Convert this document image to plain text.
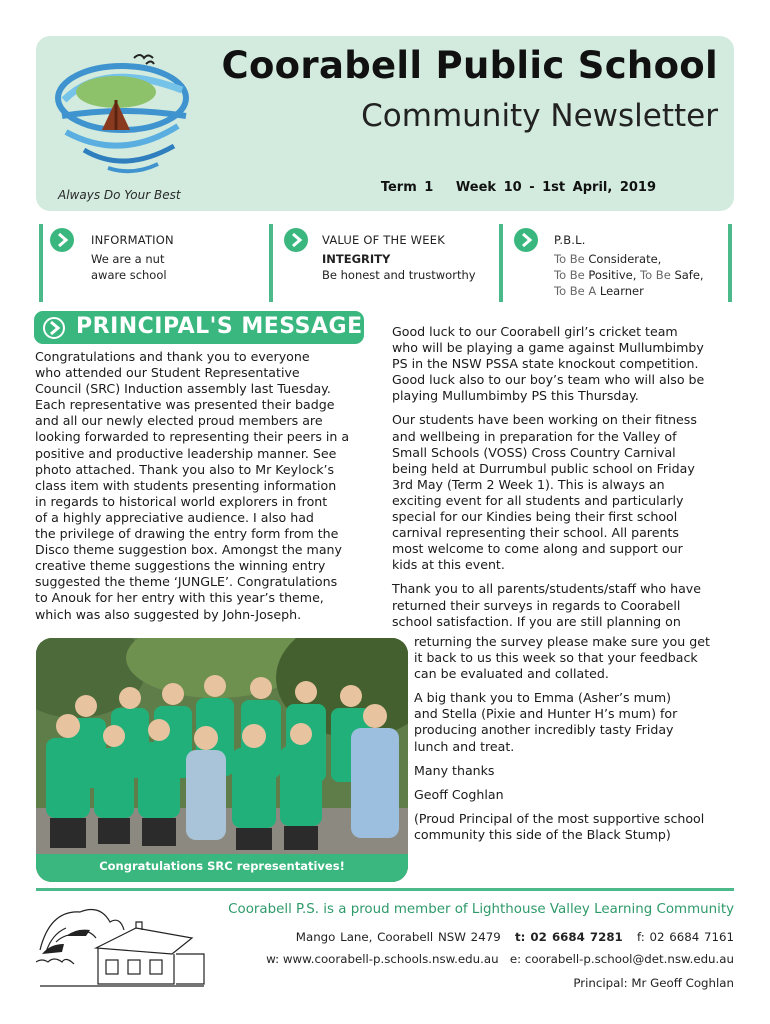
Always Do Your Best
Coorabell Public School
Community Newsletter
Term 1 Week 10 - 1st April, 2019
INFORMATION
We are a nut
aware school
VALUE OF THE WEEK
INTEGRITY
Be honest and trustworthy
P.B.L.
To Be Considerate,
To Be Positive, To Be Safe,
To Be A Learner
PRINCIPAL'S MESSAGE
Congratulations and thank you to everyone
who attended our Student Representative
Council (SRC) Induction assembly last Tuesday.
Each representative was presented their badge
and all our newly elected proud members are
looking forwarded to representing their peers in a
positive and productive leadership manner. See
photo attached. Thank you also to Mr Keylock’s
class item with students presenting information
in regards to historical world explorers in front
of a highly appreciative audience. I also had
the privilege of drawing the entry form from the
Disco theme suggestion box. Amongst the many
creative theme suggestions the winning entry
suggested the theme ‘JUNGLE’. Congratulations
to Anouk for her entry with this year’s theme,
which was also suggested by John-Joseph.

Good luck to our Coorabell girl’s cricket team
who will be playing a game against Mullumbimby
PS in the NSW PSSA state knockout competition.
Good luck also to our boy’s team who will also be
playing Mullumbimby PS this Thursday.

Our students have been working on their fitness
and wellbeing in preparation for the Valley of
Small Schools (VOSS) Cross Country Carnival
being held at Durrumbul public school on Friday
3rd May (Term 2 Week 1). This is always an
exciting event for all students and particularly
special for our Kindies being their first school
carnival representing their school. All parents
most welcome to come along and support our
kids at this event.

Thank you to all parents/students/staff who have
returned their surveys in regards to Coorabell
school satisfaction. If you are still planning on

returning the survey please make sure you get
it back to us this week so that your feedback
can be evaluated and collated.

A big thank you to Emma (Asher’s mum)
and Stella (Pixie and Hunter H’s mum) for
producing another incredibly tasty Friday
lunch and treat.

Many thanks

Geoff Coghlan

(Proud Principal of the most supportive school
community this side of the Black Stump)

Congratulations SRC representatives!
Coorabell P.S. is a proud member of Lighthouse Valley Learning Community
Mango Lane, Coorabell NSW 2479 t: 02 6684 7281 f: 02 6684 7161
w: www.coorabell-p.schools.nsw.edu.au e: coorabell-p.school@det.nsw.edu.au
Principal: Mr Geoff Coghlan
